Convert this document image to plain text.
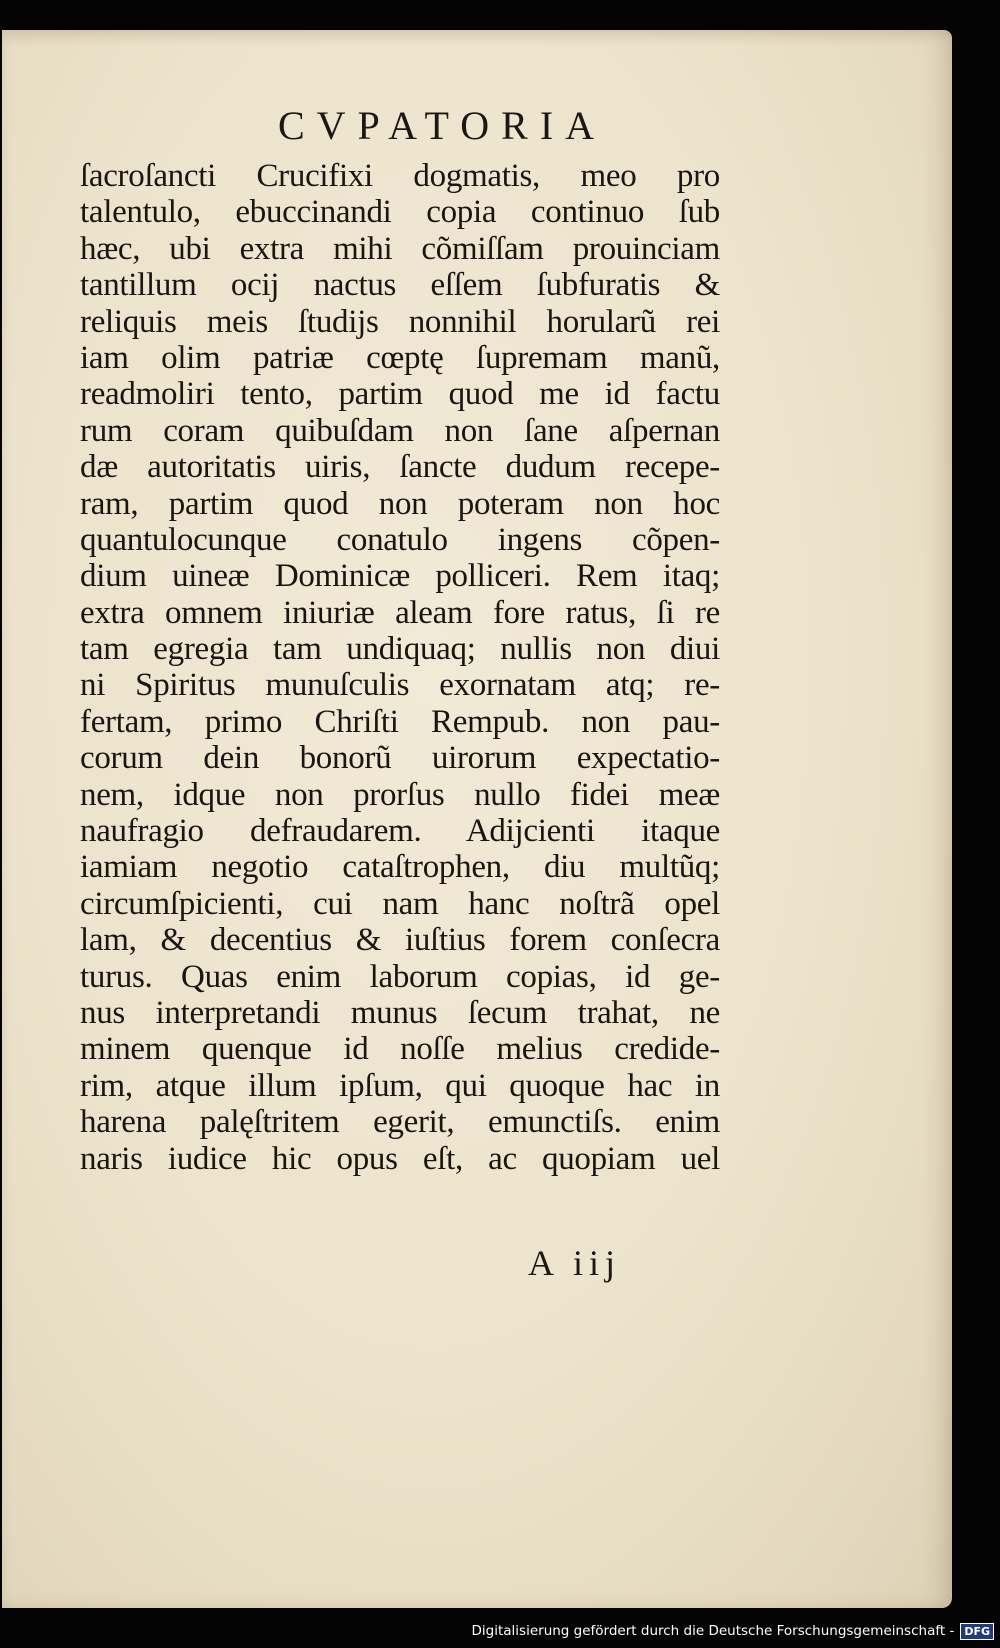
CVPATORIA
ſacroſancti Crucifixi dogmatis, meo pro
talentulo, ebuccinandi copia continuo ſub
hæc, ubi extra mihi cõmiſſam prouinciam
tantillum ocij nactus eſſem ſubfuratis &
reliquis meis ſtudijs nonnihil horularũ rei
iam olim patriæ cœptę ſupremam manũ,
readmoliri tento, partim quod me id factu
rum coram quibuſdam non ſane aſpernan
dæ autoritatis uiris, ſancte dudum recepe-
ram, partim quod non poteram non hoc
quantulocunque conatulo ingens cõpen-
dium uineæ Dominicæ polliceri. Rem itaq;
extra omnem iniuriæ aleam fore ratus, ſi re
tam egregia tam undiquaq; nullis non diui
ni Spiritus munuſculis exornatam atq; re-
fertam, primo Chriſti Rempub. non pau-
corum dein bonorũ uirorum expectatio-
nem, idque non prorſus nullo fidei meæ
naufragio defraudarem. Adijcienti itaque
iamiam negotio cataſtrophen, diu multũq;
circumſpicienti, cui nam hanc noſtrã opel
lam, & decentius & iuſtius forem conſecra
turus. Quas enim laborum copias, id ge-
nus interpretandi munus ſecum trahat, ne
minem quenque id noſſe melius credide-
rim, atque illum ipſum, qui quoque hac in
harena palęſtritem egerit, emunctiſs. enim
naris iudice hic opus eſt, ac quopiam uel
A iij
Digitalisierung gefördert durch die Deutsche Forschungsgemeinschaft - DFG
